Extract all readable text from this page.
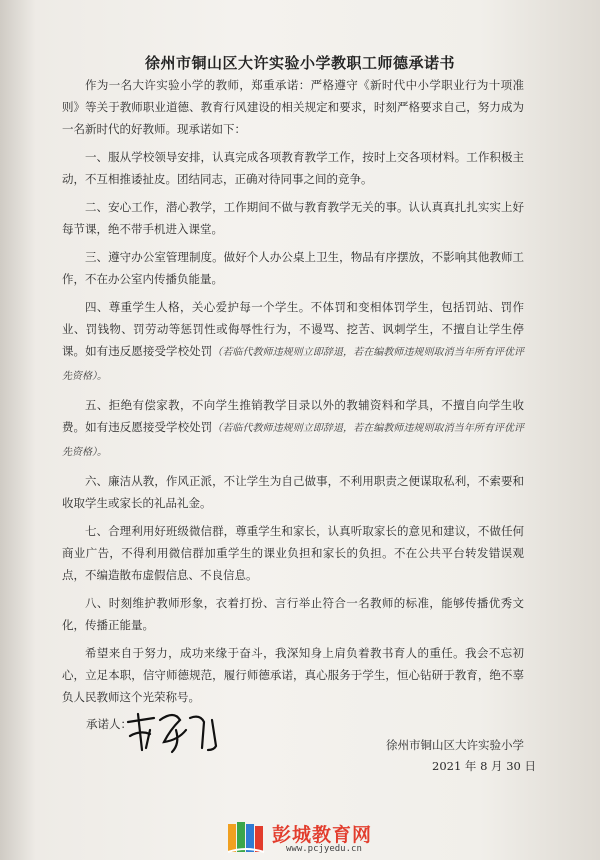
徐州市铜山区大许实验小学教职工师德承诺书

作为一名大许实验小学的教师，郑重承诺：严格遵守《新时代中小学职业行为十项准则》等关于教师职业道德、教育行风建设的相关规定和要求，时刻严格要求自己，努力成为一名新时代的好教师。现承诺如下：

一、服从学校领导安排，认真完成各项教育教学工作，按时上交各项材料。工作积极主动，不互相推诿扯皮。团结同志，正确对待同事之间的竞争。

二、安心工作，潜心教学，工作期间不做与教育教学无关的事。认认真真扎扎实实上好每节课，绝不带手机进入课堂。

三、遵守办公室管理制度。做好个人办公桌上卫生，物品有序摆放，不影响其他教师工作，不在办公室内传播负能量。

四、尊重学生人格，关心爱护每一个学生。不体罚和变相体罚学生，包括罚站、罚作业、罚钱物、罚劳动等惩罚性或侮辱性行为，不谩骂、挖苦、讽刺学生，不擅自让学生停课。如有违反愿接受学校处罚（若临代教师违规则立即辞退，若在编教师违规则取消当年所有评优评先资格）。

五、拒绝有偿家教，不向学生推销教学目录以外的教辅资料和学具，不擅自向学生收费。如有违反愿接受学校处罚（若临代教师违规则立即辞退，若在编教师违规则取消当年所有评优评先资格）。

六、廉洁从教，作风正派，不让学生为自己做事，不利用职责之便谋取私利，不索要和收取学生或家长的礼品礼金。

七、合理利用好班级微信群，尊重学生和家长，认真听取家长的意见和建议，不做任何商业广告，不得利用微信群加重学生的课业负担和家长的负担。不在公共平台转发错误观点，不编造散布虚假信息、不良信息。

八、时刻维护教师形象，衣着打扮、言行举止符合一名教师的标准，能够传播优秀文化，传播正能量。

希望来自于努力，成功来缘于奋斗，我深知身上肩负着教书育人的重任。我会不忘初心，立足本职，信守师德规范，履行师德承诺，真心服务于学生，恒心钻研于教育，绝不辜负人民教师这个光荣称号。

承诺人：
徐州市铜山区大许实验小学
2021 年 8 月 30 日
彭城教育网
www.pcjyedu.cn
